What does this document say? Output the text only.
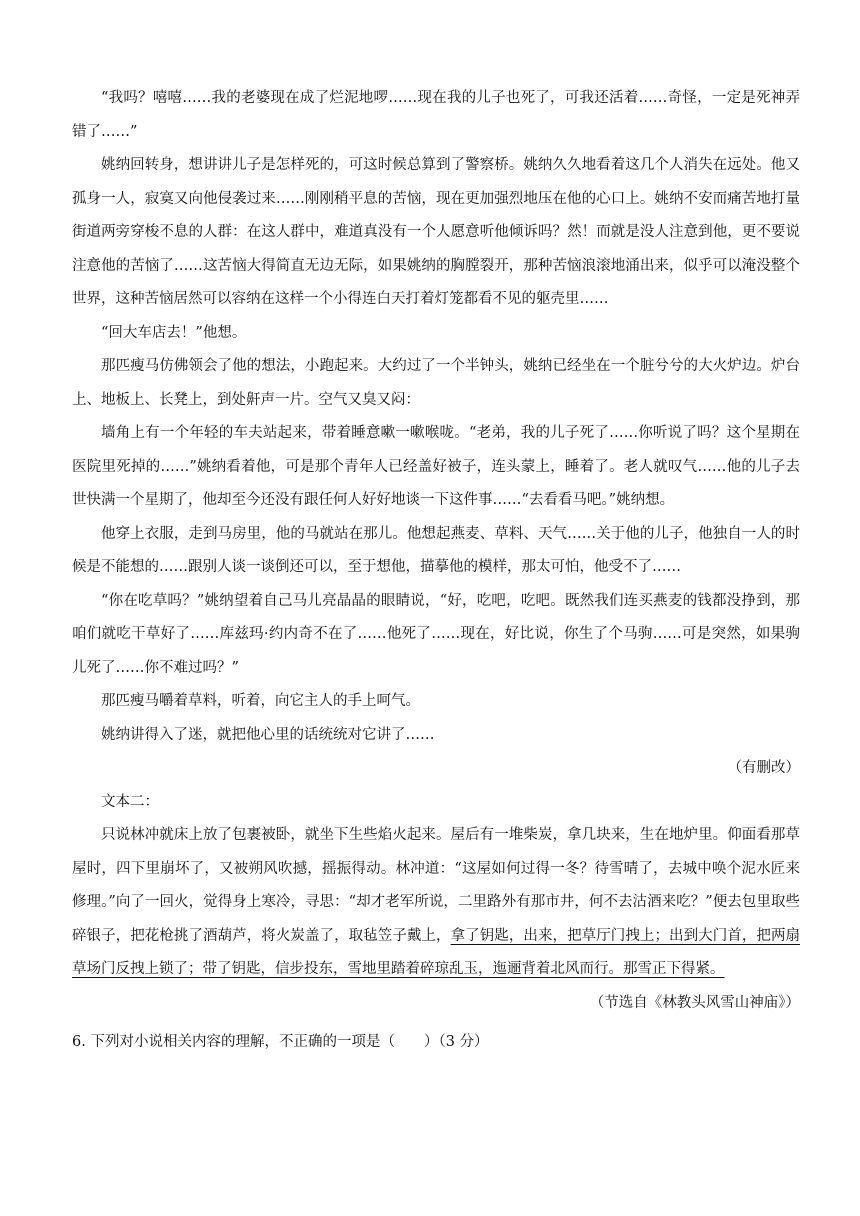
“我吗？嘻嘻……我的老婆现在成了烂泥地啰……现在我的儿子也死了，可我还活着……奇怪，一定是死神弄错了……”

姚纳回转身，想讲讲儿子是怎样死的，可这时候总算到了警察桥。姚纳久久地看着这几个人消失在远处。他又孤身一人，寂寞又向他侵袭过来……刚刚稍平息的苦恼，现在更加强烈地压在他的心口上。姚纳不安而痛苦地打量街道两旁穿梭不息的人群：在这人群中，难道真没有一个人愿意听他倾诉吗？然！而就是没人注意到他，更不要说注意他的苦恼了……这苦恼大得简直无边无际，如果姚纳的胸膛裂开，那种苦恼浪滚地涌出来，似乎可以淹没整个世界，这种苦恼居然可以容纳在这样一个小得连白天打着灯笼都看不见的躯壳里……

“回大车店去！”他想。

那匹瘦马仿佛领会了他的想法，小跑起来。大约过了一个半钟头，姚纳已经坐在一个脏兮兮的大火炉边。炉台上、地板上、长凳上，到处鼾声一片。空气又臭又闷：

墙角上有一个年轻的车夫站起来，带着睡意嗽一嗽喉咙。“老弟，我的儿子死了……你听说了吗？这个星期在医院里死掉的……”姚纳看着他，可是那个青年人已经盖好被子，连头蒙上，睡着了。老人就叹气……他的儿子去世快满一个星期了，他却至今还没有跟任何人好好地谈一下这件事……“去看看马吧。”姚纳想。

他穿上衣服，走到马房里，他的马就站在那儿。他想起燕麦、草料、天气……关于他的儿子，他独自一人的时候是不能想的……跟别人谈一谈倒还可以，至于想他，描摹他的模样，那太可怕，他受不了……

“你在吃草吗？”姚纳望着自己马儿亮晶晶的眼睛说，“好，吃吧，吃吧。既然我们连买燕麦的钱都没挣到，那咱们就吃干草好了……库兹玛·约内奇不在了……他死了……现在，好比说，你生了个马驹……可是突然，如果驹儿死了……你不难过吗？”

那匹瘦马嚼着草料，听着，向它主人的手上呵气。

姚纳讲得入了迷，就把他心里的话统统对它讲了……

（有删改）

文本二：

只说林冲就床上放了包裹被卧，就坐下生些焰火起来。屋后有一堆柴炭，拿几块来，生在地炉里。仰面看那草屋时，四下里崩坏了，又被朔风吹撼，摇振得动。林冲道：“这屋如何过得一冬？待雪晴了，去城中唤个泥水匠来修理。”向了一回火，觉得身上寒冷，寻思：“却才老军所说，二里路外有那市井，何不去沽酒来吃？”便去包里取些碎银子，把花枪挑了酒葫芦，将火炭盖了，取毡笠子戴上，拿了钥匙，出来，把草厅门拽上；出到大门首，把两扇草场门反拽上锁了；带了钥匙，信步投东，雪地里踏着碎琼乱玉，迤逦背着北风而行。那雪正下得紧。

（节选自《林教头风雪山神庙》）

6. 下列对小说相关内容的理解，不正确的一项是（　　）（3 分）
